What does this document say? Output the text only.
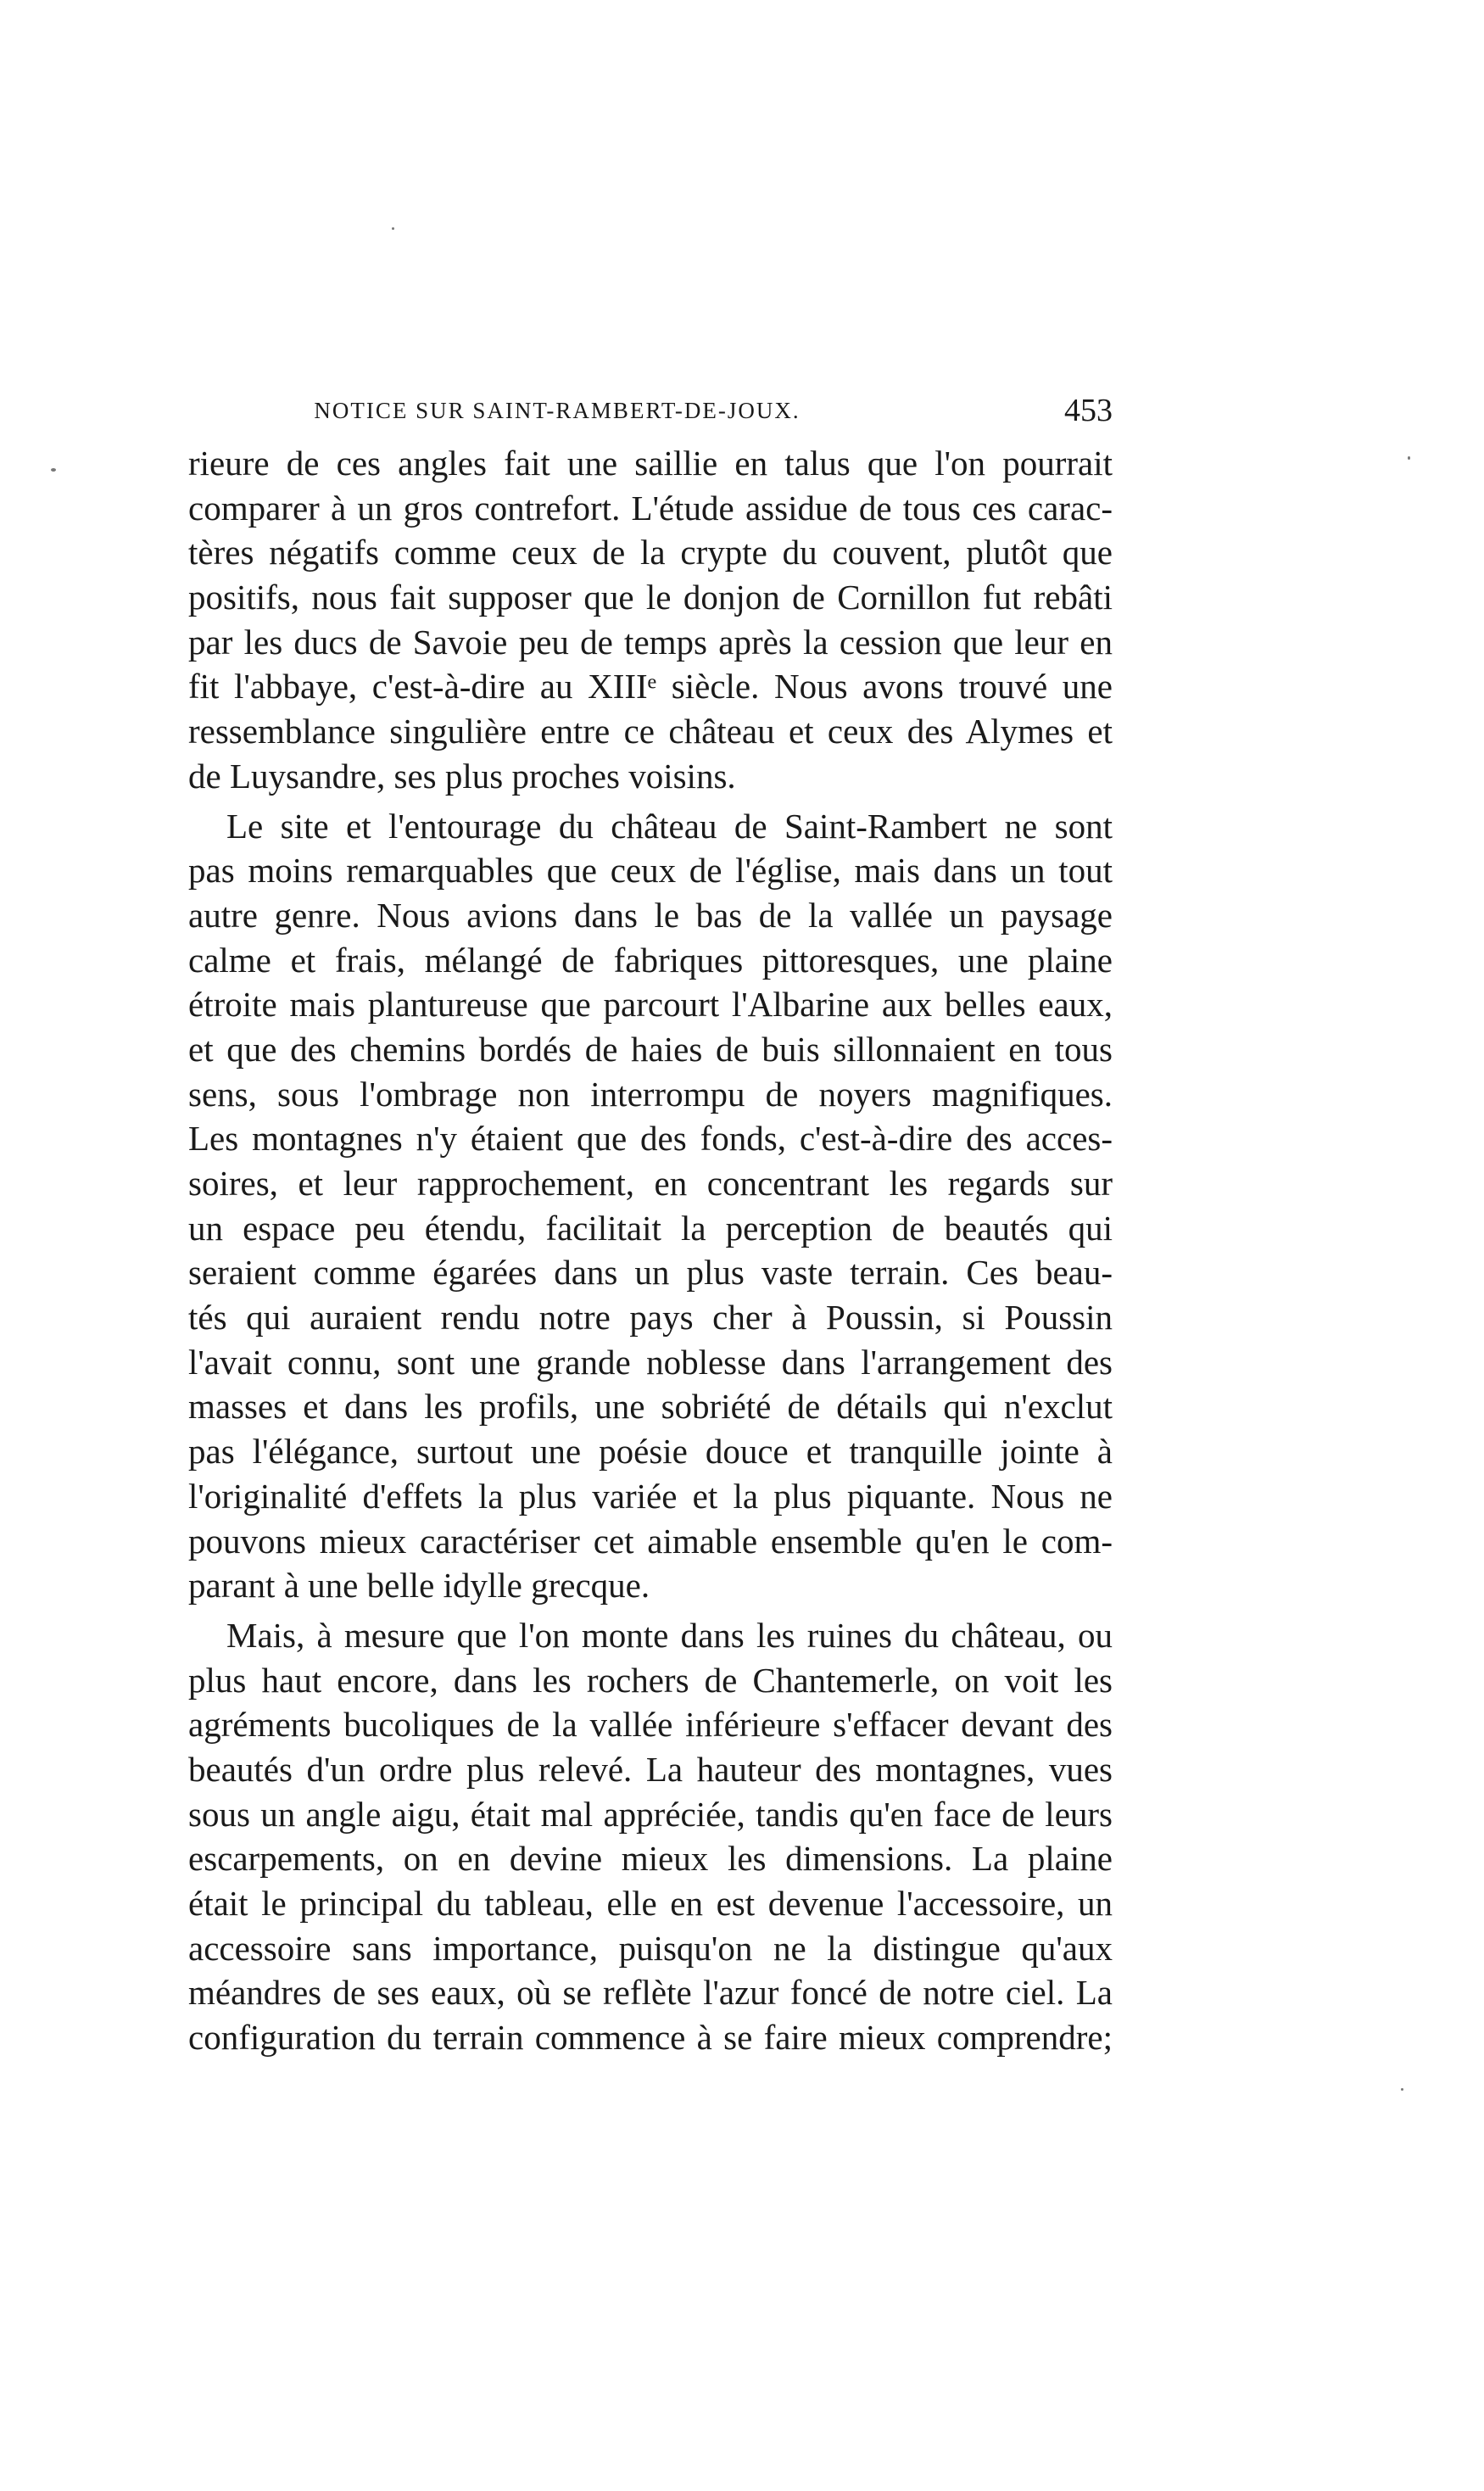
NOTICE SUR SAINT-RAMBERT-DE-JOUX.	453
rieure de ces angles fait une saillie en talus que l'on pourrait
comparer à un gros contrefort. L'étude assidue de tous ces carac-
tères négatifs comme ceux de la crypte du couvent, plutôt que
positifs, nous fait supposer que le donjon de Cornillon fut rebâti
par les ducs de Savoie peu de temps après la cession que leur en
fit l'abbaye, c'est-à-dire au XIIIᵉ siècle. Nous avons trouvé une
ressemblance singulière entre ce château et ceux des Alymes et
de Luysandre, ses plus proches voisins.
Le site et l'entourage du château de Saint-Rambert ne sont
pas moins remarquables que ceux de l'église, mais dans un tout
autre genre. Nous avions dans le bas de la vallée un paysage
calme et frais, mélangé de fabriques pittoresques, une plaine
étroite mais plantureuse que parcourt l'Albarine aux belles eaux,
et que des chemins bordés de haies de buis sillonnaient en tous
sens, sous l'ombrage non interrompu de noyers magnifiques.
Les montagnes n'y étaient que des fonds, c'est-à-dire des acces-
soires, et leur rapprochement, en concentrant les regards sur
un espace peu étendu, facilitait la perception de beautés qui
seraient comme égarées dans un plus vaste terrain. Ces beau-
tés qui auraient rendu notre pays cher à Poussin, si Poussin
l'avait connu, sont une grande noblesse dans l'arrangement des
masses et dans les profils, une sobriété de détails qui n'exclut
pas l'élégance, surtout une poésie douce et tranquille jointe à
l'originalité d'effets la plus variée et la plus piquante. Nous ne
pouvons mieux caractériser cet aimable ensemble qu'en le com-
parant à une belle idylle grecque.
Mais, à mesure que l'on monte dans les ruines du château, ou
plus haut encore, dans les rochers de Chantemerle, on voit les
agréments bucoliques de la vallée inférieure s'effacer devant des
beautés d'un ordre plus relevé. La hauteur des montagnes, vues
sous un angle aigu, était mal appréciée, tandis qu'en face de leurs
escarpements, on en devine mieux les dimensions. La plaine
était le principal du tableau, elle en est devenue l'accessoire, un
accessoire sans importance, puisqu'on ne la distingue qu'aux
méandres de ses eaux, où se reflète l'azur foncé de notre ciel. La
configuration du terrain commence à se faire mieux comprendre;
